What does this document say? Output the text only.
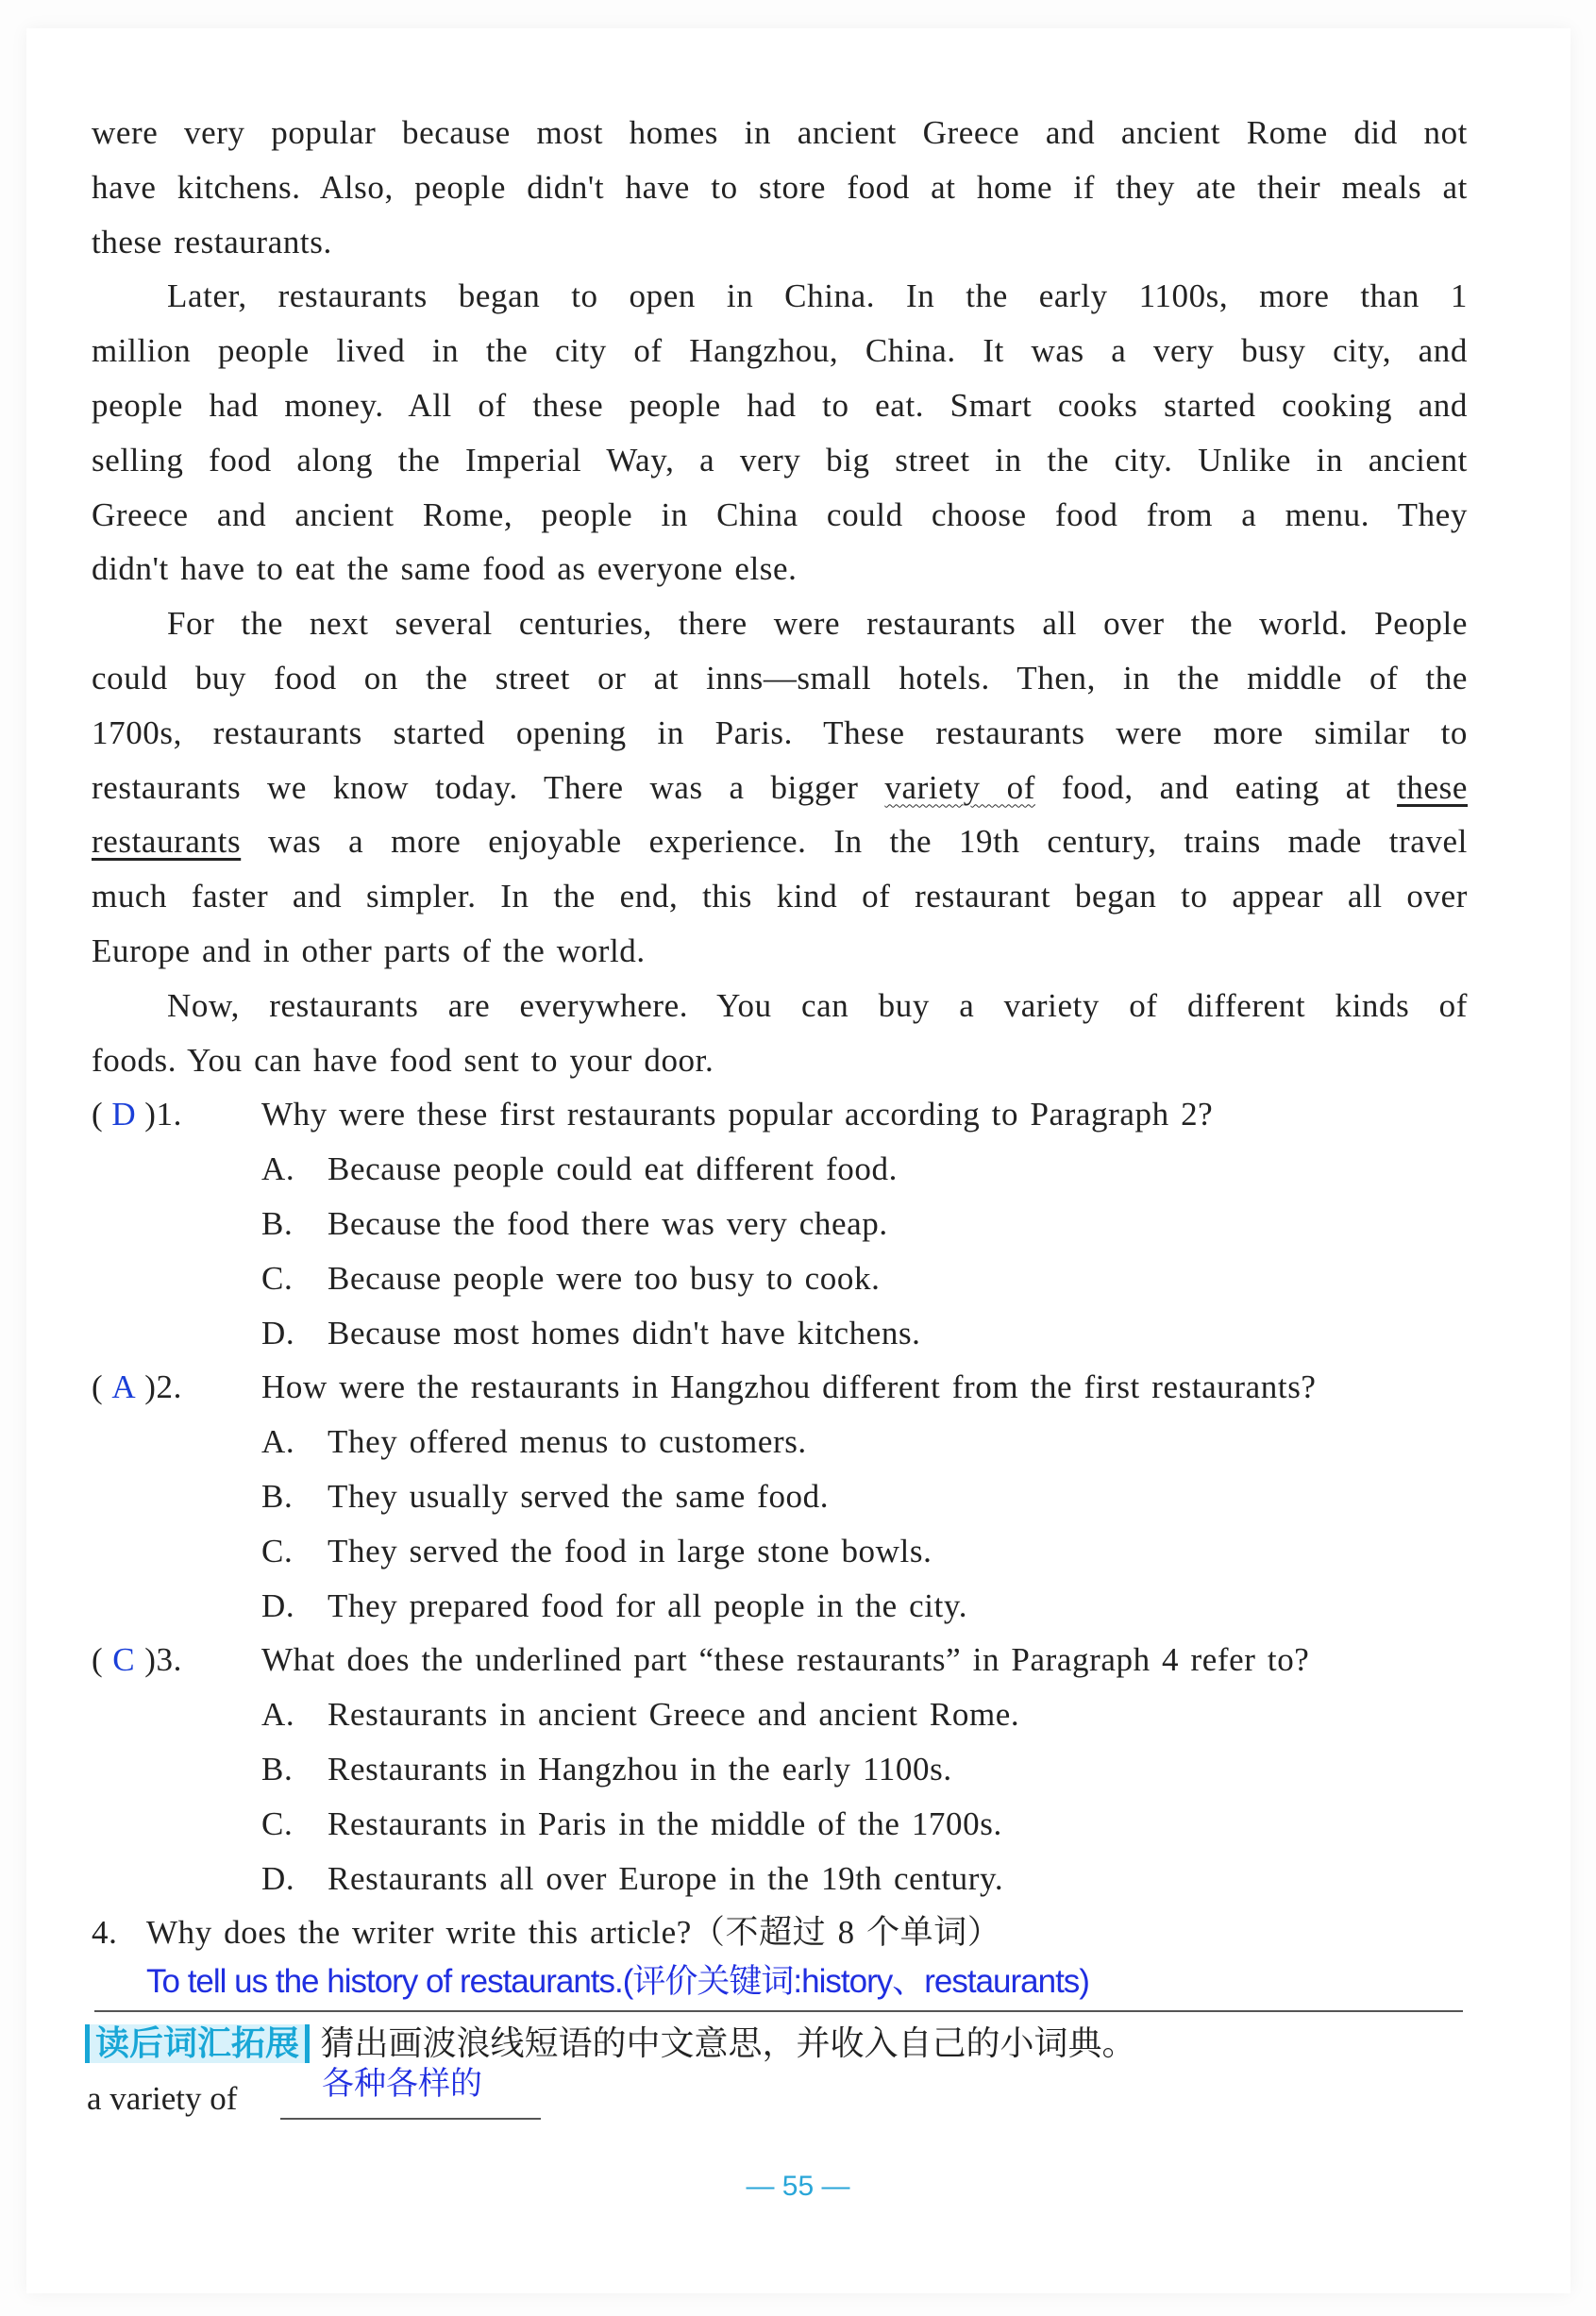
were very popular because most homes in ancient Greece and ancient Rome did not
have kitchens. Also, people didn't have to store food at home if they ate their meals at
these restaurants.
Later, restaurants began to open in China. In the early 1100s, more than 1
million people lived in the city of Hangzhou, China. It was a very busy city, and
people had money. All of these people had to eat. Smart cooks started cooking and
selling food along the Imperial Way, a very big street in the city. Unlike in ancient
Greece and ancient Rome, people in China could choose food from a menu. They
didn't have to eat the same food as everyone else.
For the next several centuries, there were restaurants all over the world. People
could buy food on the street or at inns—small hotels. Then, in the middle of the
1700s, restaurants started opening in Paris. These restaurants were more similar to
restaurants we know today. There was a bigger variety of food, and eating at these
restaurants was a more enjoyable experience. In the 19th century, trains made travel
much faster and simpler. In the end, this kind of restaurant began to appear all over
Europe and in other parts of the world.
Now, restaurants are everywhere. You can buy a variety of different kinds of
foods. You can have food sent to your door.
( D )1. Why were these first restaurants popular according to Paragraph 2?
A. Because people could eat different food.
B. Because the food there was very cheap.
C. Because people were too busy to cook.
D. Because most homes didn't have kitchens.
( A )2. How were the restaurants in Hangzhou different from the first restaurants?
A. They offered menus to customers.
B. They usually served the same food.
C. They served the food in large stone bowls.
D. They prepared food for all people in the city.
( C )3. What does the underlined part “these restaurants” in Paragraph 4 refer to?
A. Restaurants in ancient Greece and ancient Rome.
B. Restaurants in Hangzhou in the early 1100s.
C. Restaurants in Paris in the middle of the 1700s.
D. Restaurants all over Europe in the 19th century.
4. Why does the writer write this article?（不超过 8 个单词）
To tell us the history of restaurants.(评价关键词:history、restaurants)
读后词汇拓展 猜出画波浪线短语的中文意思，并收入自己的小词典。
a variety of	各种各样的
— 55 —
